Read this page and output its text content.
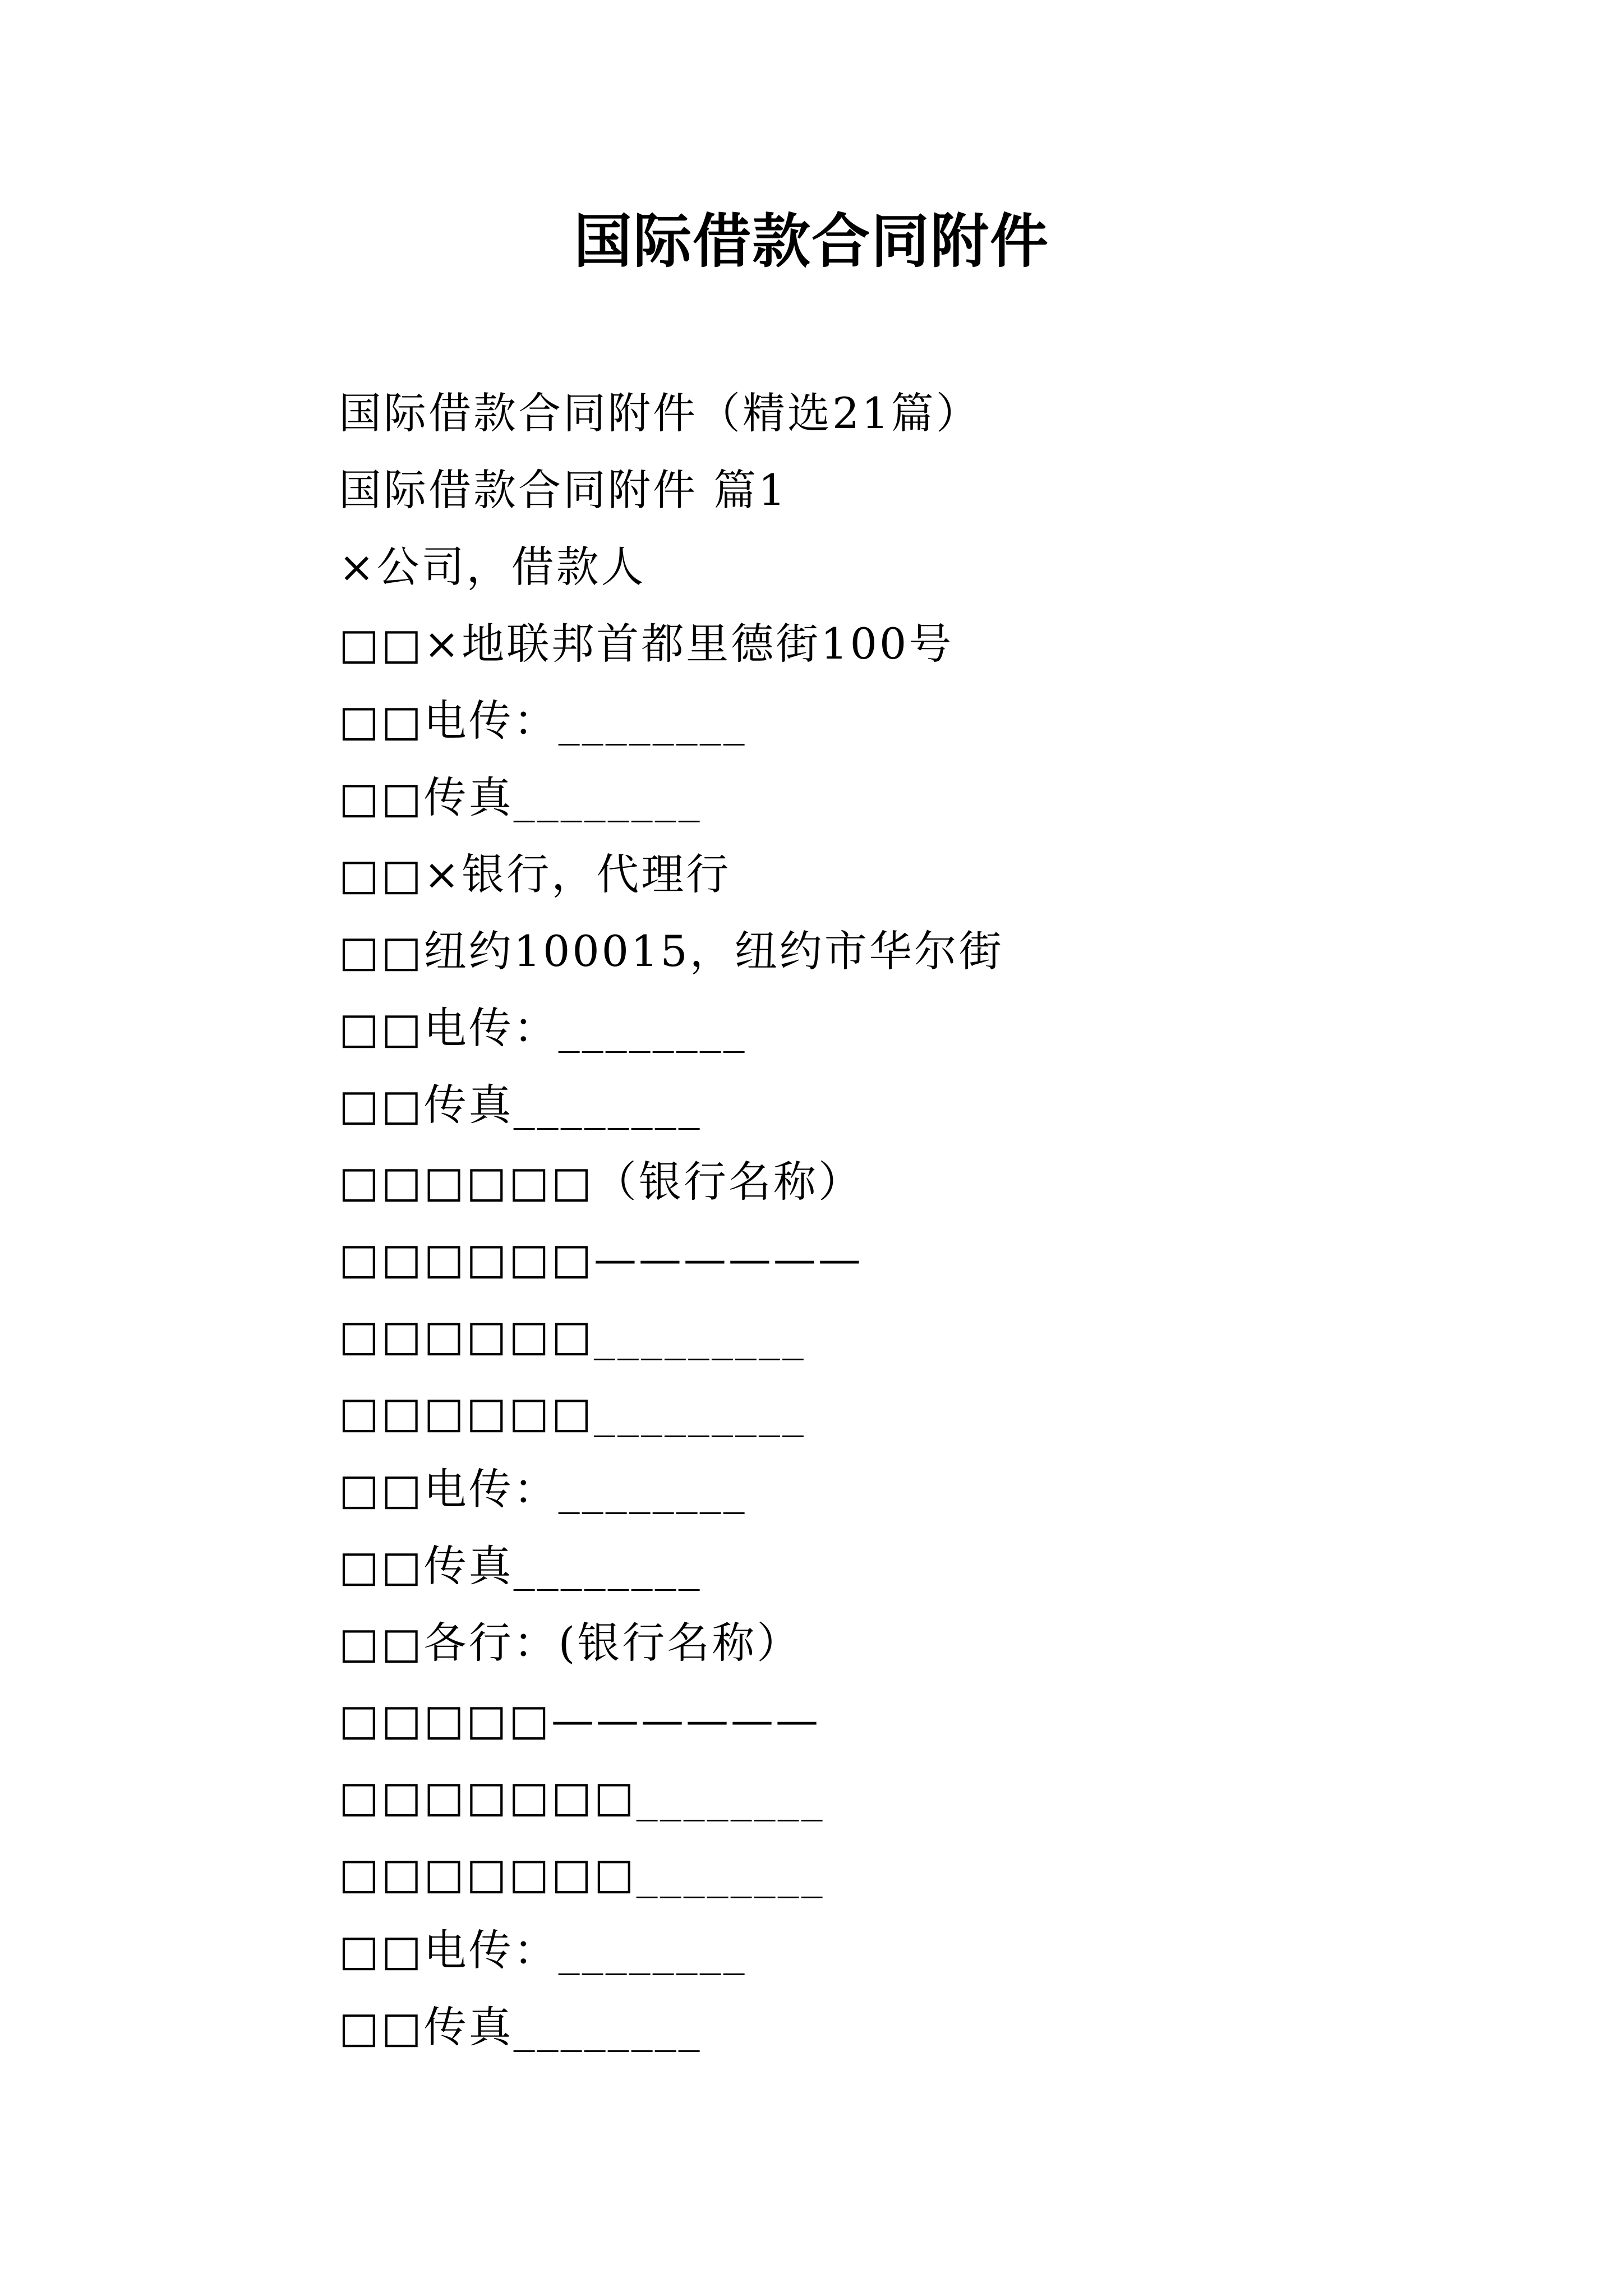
国际借款合同附件
国际借款合同附件（精选21篇）
国际借款合同附件 篇1
×公司，借款人
□□×地联邦首都里德街100号
□□电传：________
□□传真________
□□×银行，代理行
□□纽约100015，纽约市华尔街
□□电传：________
□□传真________
□□□□□□（银行名称）
□□□□□□——————
□□□□□□_________
□□□□□□_________
□□电传：________
□□传真________
□□各行：(银行名称）
□□□□□——————
□□□□□□□________
□□□□□□□________
□□电传：________
□□传真________
